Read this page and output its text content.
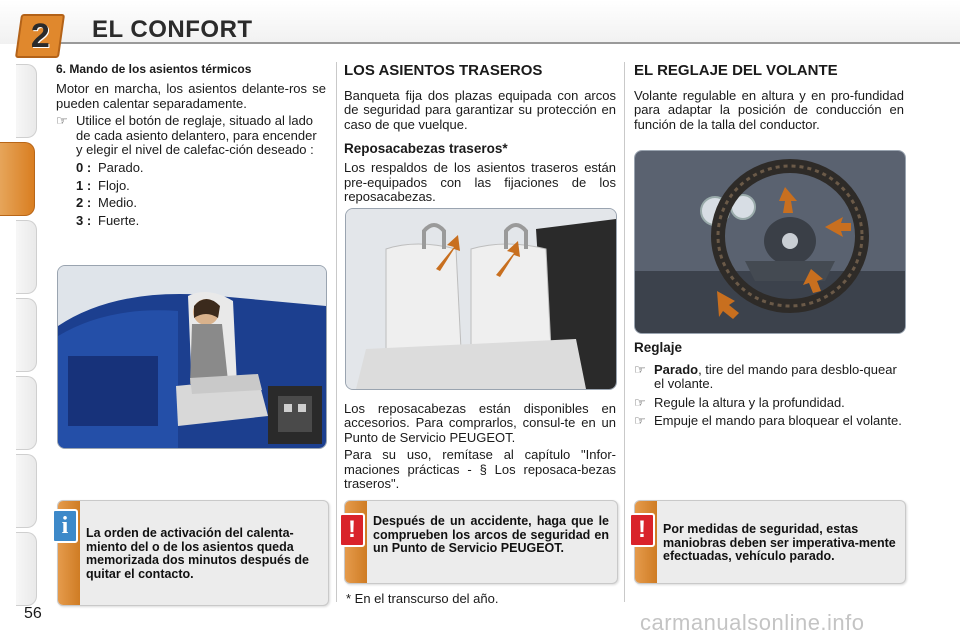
2 EL CONFORT
6. Mando de los asientos térmicos
Motor en marcha, los asientos delante-ros se pueden calentar separadamente.
☞ Utilice el botón de reglaje, situado al lado de cada asiento delantero, para encender y elegir el nivel de calefac-ción deseado :
0 : Parado.
1 : Flojo.
2 : Medio.
3 : Fuerte.
i	La orden de activación del calenta-miento del o de los asientos queda memorizada dos minutos después de quitar el contacto.
LOS ASIENTOS TRASEROS
Banqueta fija dos plazas equipada con arcos de seguridad para garantizar su protección en caso de que vuelque.
Reposacabezas traseros*
Los respaldos de los asientos traseros están pre-equipados con las fijaciones de los reposacabezas.
Los reposacabezas están disponibles en accesorios. Para comprarlos, consul-te en un Punto de Servicio PEUGEOT.
Para su uso, remítase al capítulo "Infor-maciones prácticas - § Los reposaca-bezas traseros".
!	Después de un accidente, haga que le comprueben los arcos de seguridad en un Punto de Servicio PEUGEOT.
* En el transcurso del año.
EL REGLAJE DEL VOLANTE
Volante regulable en altura y en pro-fundidad para adaptar la posición de conducción en función de la talla del conductor.
Reglaje
☞ Parado, tire del mando para desblo-quear el volante.
☞ Regule la altura y la profundidad.
☞ Empuje el mando para bloquear el volante.
!	Por medidas de seguridad, estas maniobras deben ser imperativa-mente efectuadas, vehículo parado.
56	carmanualsonline.info
